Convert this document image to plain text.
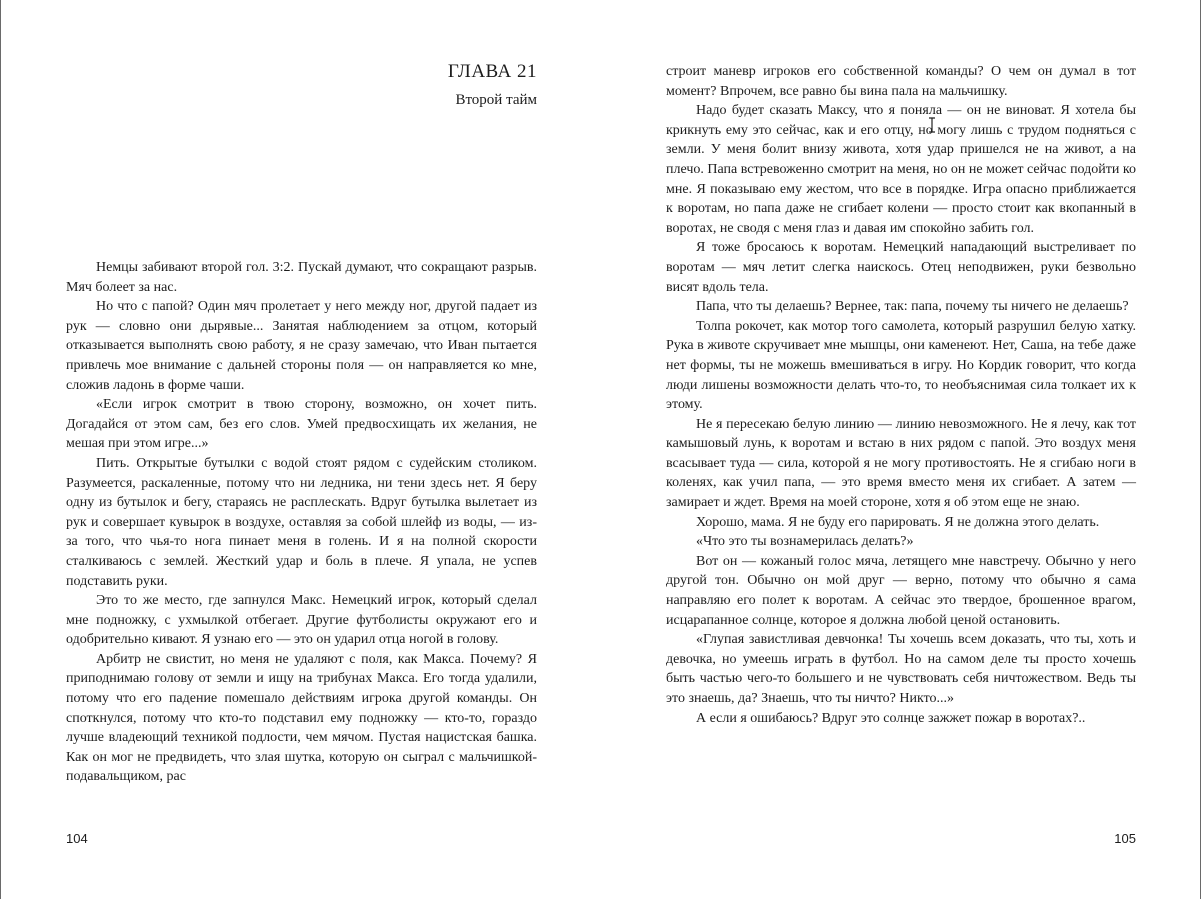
ГЛАВА 21
Второй тайм

Немцы забивают второй гол. 3:2. Пускай думают, что сокращают разрыв. Мяч болеет за нас.

Но что с папой? Один мяч пролетает у него между ног, другой падает из рук — словно они дырявые... Занятая наблюдением за отцом, который отказывается выполнять свою работу, я не сразу замечаю, что Иван пытается привлечь мое внимание с дальней стороны поля — он направляется ко мне, сложив ладонь в форме чаши.

«Если игрок смотрит в твою сторону, возможно, он хочет пить. Догадайся от этом сам, без его слов. Умей предвосхищать их желания, не мешая при этом игре...»

Пить. Открытые бутылки с водой стоят рядом с судейским столиком. Разумеется, раскаленные, потому что ни ледника, ни тени здесь нет. Я беру одну из бутылок и бегу, стараясь не расплескать. Вдруг бутылка вылетает из рук и совершает кувырок в воздухе, оставляя за собой шлейф из воды, — из-за того, что чья-то нога пинает меня в голень. И я на полной скорости сталкиваюсь с землей. Жесткий удар и боль в плече. Я упала, не успев подставить руки.

Это то же место, где запнулся Макс. Немецкий игрок, который сделал мне подножку, с ухмылкой отбегает. Другие футболисты окружают его и одобрительно кивают. Я узнаю его — это он ударил отца ногой в голову.

Арбитр не свистит, но меня не удаляют с поля, как Макса. Почему? Я приподнимаю голову от земли и ищу на трибунах Макса. Его тогда удалили, потому что его падение помешало действиям игрока другой команды. Он споткнулся, потому что кто-то подставил ему подножку — кто-то, гораздо лучше владеющий техникой подлости, чем мячом. Пустая нацистская башка. Как он мог не предвидеть, что злая шутка, которую он сыграл с мальчишкой-подавальщиком, рас

104

строит маневр игроков его собственной команды? О чем он думал в тот момент? Впрочем, все равно бы вина пала на мальчишку.

Надо будет сказать Максу, что я поняла — он не виноват. Я хотела бы крикнуть ему это сейчас, как и его отцу, но могу лишь с трудом подняться с земли. У меня болит внизу живота, хотя удар пришелся не на живот, а на плечо. Папа встревоженно смотрит на меня, но он не может сейчас подойти ко мне. Я показываю ему жестом, что все в порядке. Игра опасно приближается к воротам, но папа даже не сгибает колени — просто стоит как вкопанный в воротах, не сводя с меня глаз и давая им спокойно забить гол.

Я тоже бросаюсь к воротам. Немецкий нападающий выстреливает по воротам — мяч летит слегка наискось. Отец неподвижен, руки безвольно висят вдоль тела.

Папа, что ты делаешь? Вернее, так: папа, почему ты ничего не делаешь?

Толпа рокочет, как мотор того самолета, который разрушил белую хатку. Рука в животе скручивает мне мышцы, они каменеют. Нет, Саша, на тебе даже нет формы, ты не можешь вмешиваться в игру. Но Кордик говорит, что когда люди лишены возможности делать что-то, то необъяснимая сила толкает их к этому.

Не я пересекаю белую линию — линию невозможного. Не я лечу, как тот камышовый лунь, к воротам и встаю в них рядом с папой. Это воздух меня всасывает туда — сила, которой я не могу противостоять. Не я сгибаю ноги в коленях, как учил папа, — это время вместо меня их сгибает. А затем — замирает и ждет. Время на моей стороне, хотя я об этом еще не знаю.

Хорошо, мама. Я не буду его парировать. Я не должна этого делать.

«Что это ты вознамерилась делать?»

Вот он — кожаный голос мяча, летящего мне навстречу. Обычно у него другой тон. Обычно он мой друг — верно, потому что обычно я сама направляю его полет к воротам. А сейчас это твердое, брошенное врагом, исцарапанное солнце, которое я должна любой ценой остановить.

«Глупая завистливая девчонка! Ты хочешь всем доказать, что ты, хоть и девочка, но умеешь играть в футбол. Но на самом деле ты просто хочешь быть частью чего-то большего и не чувствовать себя ничтожеством. Ведь ты это знаешь, да? Знаешь, что ты ничто? Никто...»

А если я ошибаюсь? Вдруг это солнце зажжет пожар в воротах?..

105
